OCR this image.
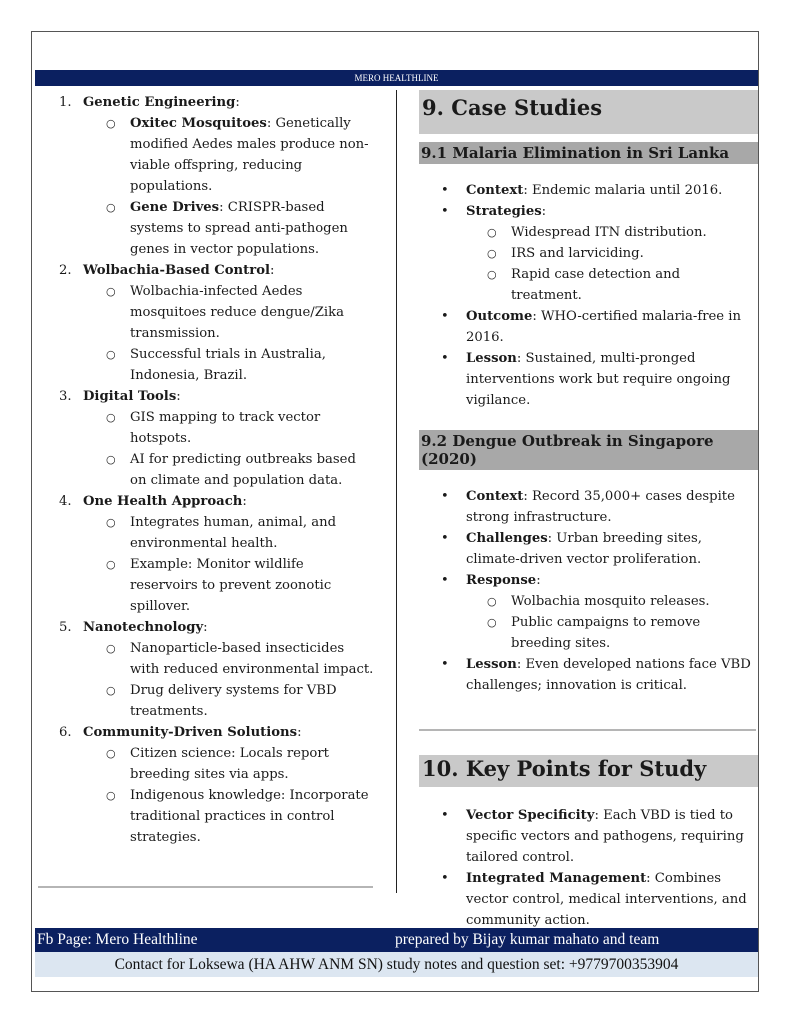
MERO HEALTHLINE
1. Genetic Engineering:
○ Oxitec Mosquitoes: Genetically modified Aedes males produce non-viable offspring, reducing populations.
○ Gene Drives: CRISPR-based systems to spread anti-pathogen genes in vector populations.
2. Wolbachia-Based Control:
○ Wolbachia-infected Aedes mosquitoes reduce dengue/Zika transmission.
○ Successful trials in Australia, Indonesia, Brazil.
3. Digital Tools:
○ GIS mapping to track vector hotspots.
○ AI for predicting outbreaks based on climate and population data.
4. One Health Approach:
○ Integrates human, animal, and environmental health.
○ Example: Monitor wildlife reservoirs to prevent zoonotic spillover.
5. Nanotechnology:
○ Nanoparticle-based insecticides with reduced environmental impact.
○ Drug delivery systems for VBD treatments.
6. Community-Driven Solutions:
○ Citizen science: Locals report breeding sites via apps.
○ Indigenous knowledge: Incorporate traditional practices in control strategies.
9. Case Studies
9.1 Malaria Elimination in Sri Lanka
• Context: Endemic malaria until 2016.
• Strategies:
○ Widespread ITN distribution.
○ IRS and larviciding.
○ Rapid case detection and treatment.
• Outcome: WHO-certified malaria-free in 2016.
• Lesson: Sustained, multi-pronged interventions work but require ongoing vigilance.
9.2 Dengue Outbreak in Singapore (2020)
• Context: Record 35,000+ cases despite strong infrastructure.
• Challenges: Urban breeding sites, climate-driven vector proliferation.
• Response:
○ Wolbachia mosquito releases.
○ Public campaigns to remove breeding sites.
• Lesson: Even developed nations face VBD challenges; innovation is critical.
10. Key Points for Study
• Vector Specificity: Each VBD is tied to specific vectors and pathogens, requiring tailored control.
• Integrated Management: Combines vector control, medical interventions, and community action.
Fb Page: Mero Healthline	prepared by Bijay kumar mahato and team
Contact for Loksewa (HA AHW ANM SN) study notes and question set: +9779700353904
